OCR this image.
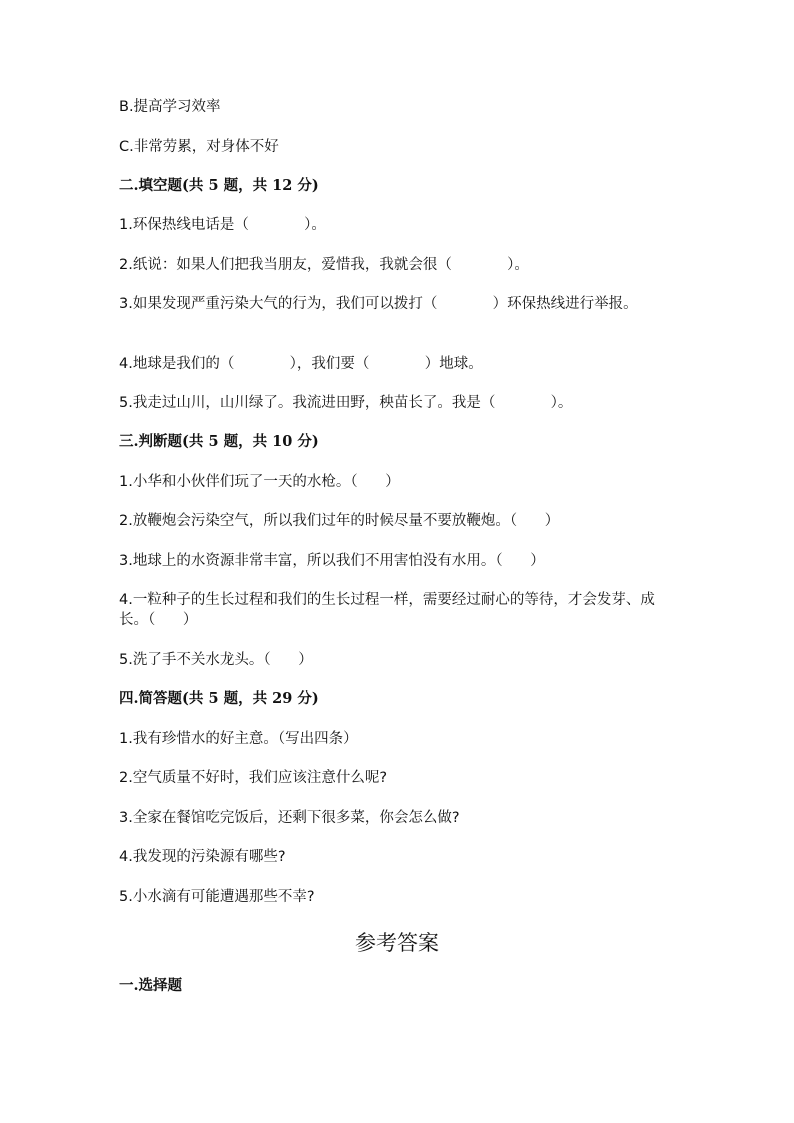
B.提高学习效率
C.非常劳累，对身体不好
二.填空题(共 5 题，共 12 分)
1.环保热线电话是（            ）。
2.纸说：如果人们把我当朋友，爱惜我，我就会很（            ）。
3.如果发现严重污染大气的行为，我们可以拨打（            ）环保热线进行举报。
4.地球是我们的（            ），我们要（            ）地球。
5.我走过山川，山川绿了。我流进田野，秧苗长了。我是（            ）。
三.判断题(共 5 题，共 10 分)
1.小华和小伙伴们玩了一天的水枪。（      ）
2.放鞭炮会污染空气，所以我们过年的时候尽量不要放鞭炮。（      ）
3.地球上的水资源非常丰富，所以我们不用害怕没有水用。（      ）
4.一粒种子的生长过程和我们的生长过程一样，需要经过耐心的等待，才会发芽、成长。（      ）
5.洗了手不关水龙头。（      ）
四.简答题(共 5 题，共 29 分)
1.我有珍惜水的好主意。（写出四条）
2.空气质量不好时，我们应该注意什么呢?
3.全家在餐馆吃完饭后，还剩下很多菜，你会怎么做?
4.我发现的污染源有哪些?
5.小水滴有可能遭遇那些不幸?
参考答案
一.选择题
